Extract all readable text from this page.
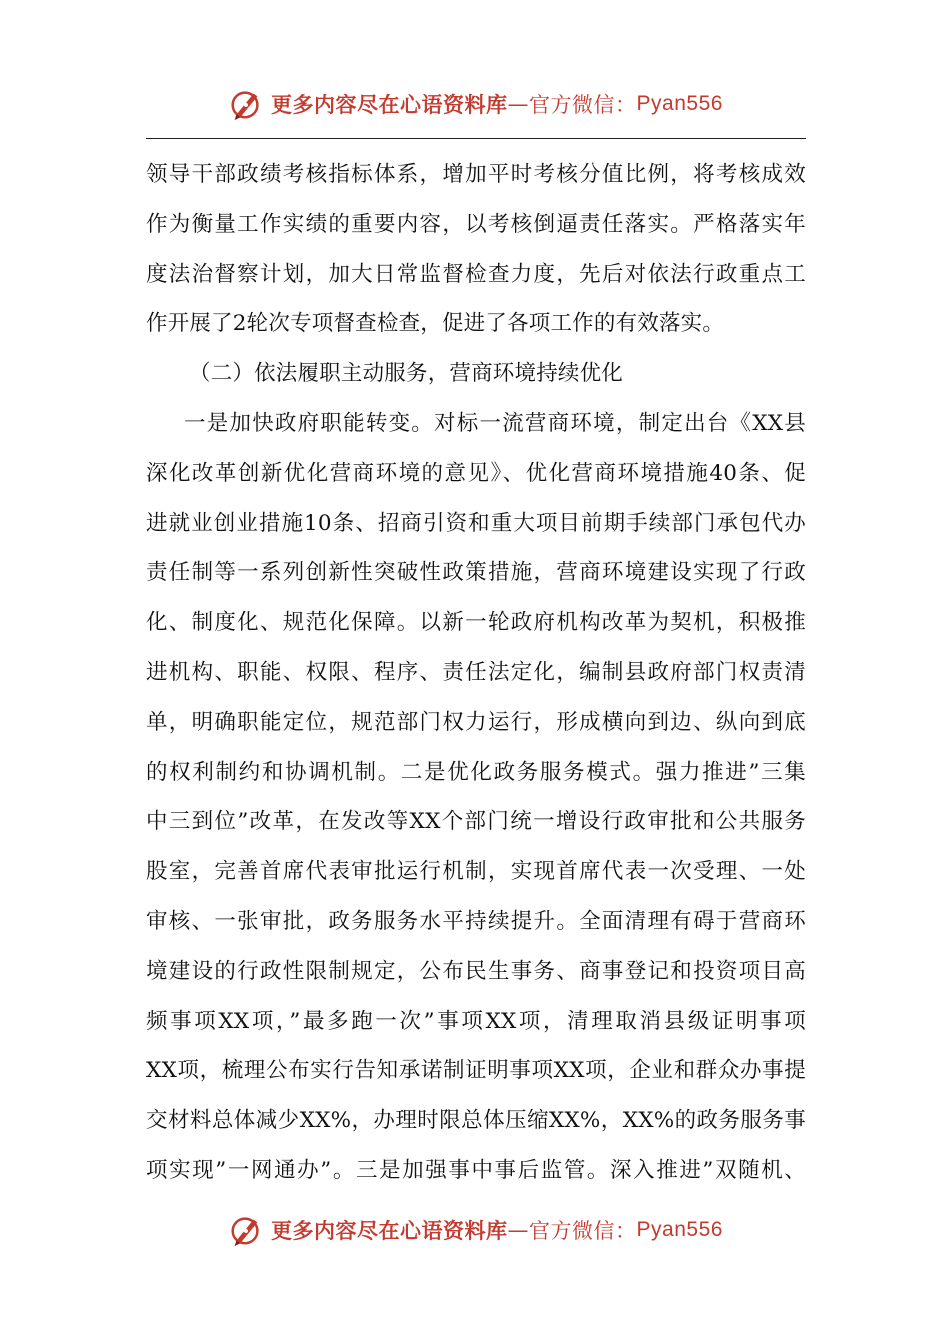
更多内容尽在心语资料库 — 官方微信： Pyan556
领导干部政绩考核指标体系，增加平时考核分值比例，将考核成效
作为衡量工作实绩的重要内容，以考核倒逼责任落实。严格落实年
度法治督察计划，加大日常监督检查力度，先后对依法行政重点工
作开展了2轮次专项督查检查，促进了各项工作的有效落实。
（二）依法履职主动服务，营商环境持续优化
一是加快政府职能转变。对标一流营商环境，制定出台《XX县
深化改革创新优化营商环境的意见》、优化营商环境措施40条、促
进就业创业措施10条、招商引资和重大项目前期手续部门承包代办
责任制等一系列创新性突破性政策措施，营商环境建设实现了行政
化、制度化、规范化保障。以新一轮政府机构改革为契机，积极推
进机构、职能、权限、程序、责任法定化，编制县政府部门权责清
单，明确职能定位，规范部门权力运行，形成横向到边、纵向到底
的权利制约和协调机制。二是优化政务服务模式。强力推进”三集
中三到位”改革，在发改等XX个部门统一增设行政审批和公共服务
股室，完善首席代表审批运行机制，实现首席代表一次受理、一处
审核、一张审批，政务服务水平持续提升。全面清理有碍于营商环
境建设的行政性限制规定，公布民生事务、商事登记和投资项目高
频事项XX项，”最多跑一次”事项XX项，清理取消县级证明事项
XX项，梳理公布实行告知承诺制证明事项XX项，企业和群众办事提
交材料总体减少XX%，办理时限总体压缩XX%，XX%的政务服务事
项实现”一网通办”。三是加强事中事后监管。深入推进”双随机、
更多内容尽在心语资料库 — 官方微信： Pyan556
